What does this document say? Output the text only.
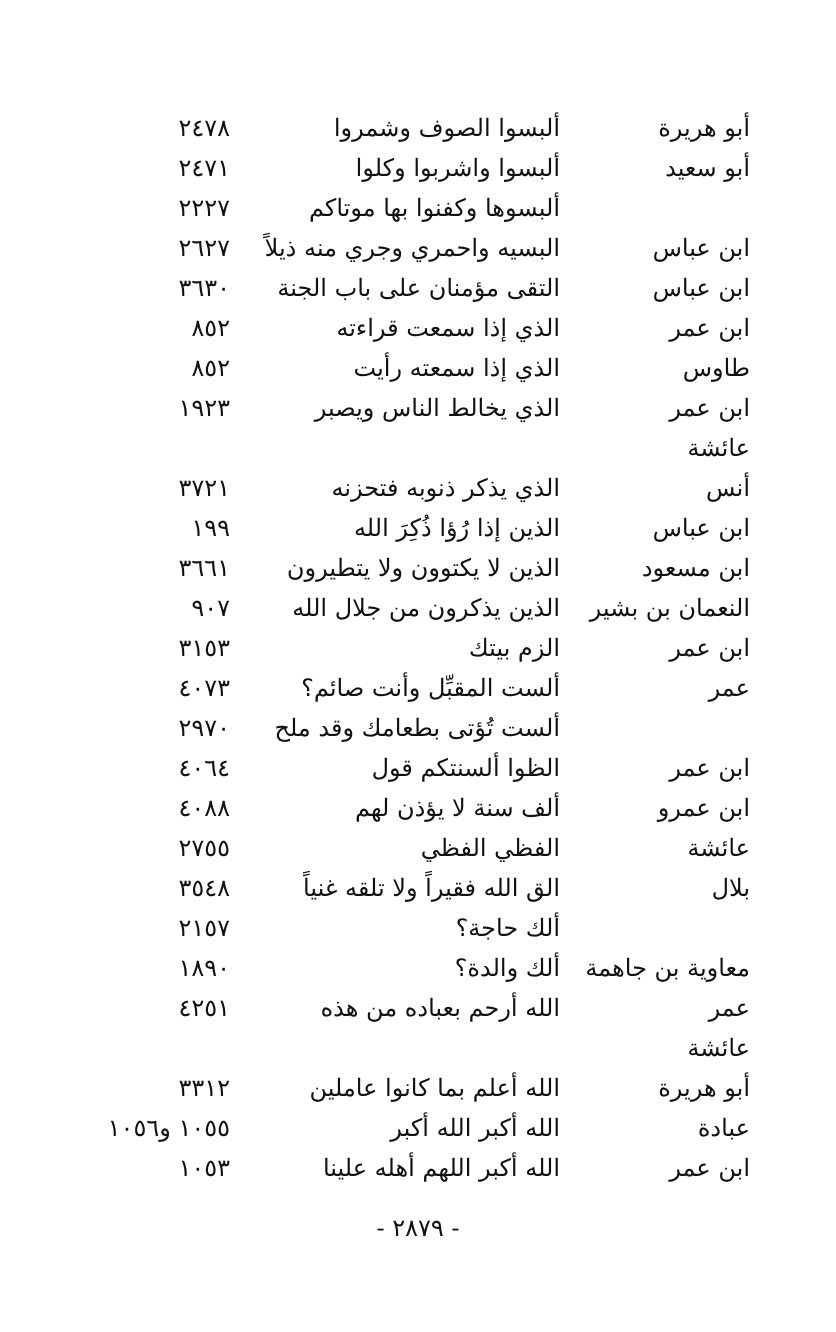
أبو هريرة
ألبسوا الصوف وشمروا
٢٤٧٨
أبو سعيد
ألبسوا واشربوا وكلوا
٢٤٧١
ألبسوها وكفنوا بها موتاكم
٢٢٢٧
ابن عباس
البسيه واحمري وجري منه ذيلاً
٢٦٢٧
ابن عباس
التقى مؤمنان على باب الجنة
٣٦٣٠
ابن عمر
الذي إذا سمعت قراءته
٨٥٢
طاوس
الذي إذا سمعته رأيت
٨٥٢
ابن عمر
الذي يخالط الناس ويصبر
١٩٢٣
عائشة
أنس
الذي يذكر ذنوبه فتحزنه
٣٧٢١
ابن عباس
الذين إذا رُؤا ذُكِرَ الله
١٩٩
ابن مسعود
الذين لا يكتوون ولا يتطيرون
٣٦٦١
النعمان بن بشير
الذين يذكرون من جلال الله
٩٠٧
ابن عمر
الزم بيتك
٣١٥٣
عمر
ألست المقبِّل وأنت صائم؟
٤٠٧٣
ألست تُؤتى بطعامك وقد ملح
٢٩٧٠
ابن عمر
الظوا ألسنتكم قول
٤٠٦٤
ابن عمرو
ألف سنة لا يؤذن لهم
٤٠٨٨
عائشة
الفظي الفظي
٢٧٥٥
بلال
الق الله فقيراً ولا تلقه غنياً
٣٥٤٨
ألك حاجة؟
٢١٥٧
معاوية بن جاهمة
ألك والدة؟
١٨٩٠
عمر
الله أرحم بعباده من هذه
٤٢٥١
عائشة
أبو هريرة
الله أعلم بما كانوا عاملين
٣٣١٢
عبادة
الله أكبر الله أكبر
١٠٥٥ و١٠٥٦
ابن عمر
الله أكبر اللهم أهله علينا
١٠٥٣
- ٢٨٧٩ -
